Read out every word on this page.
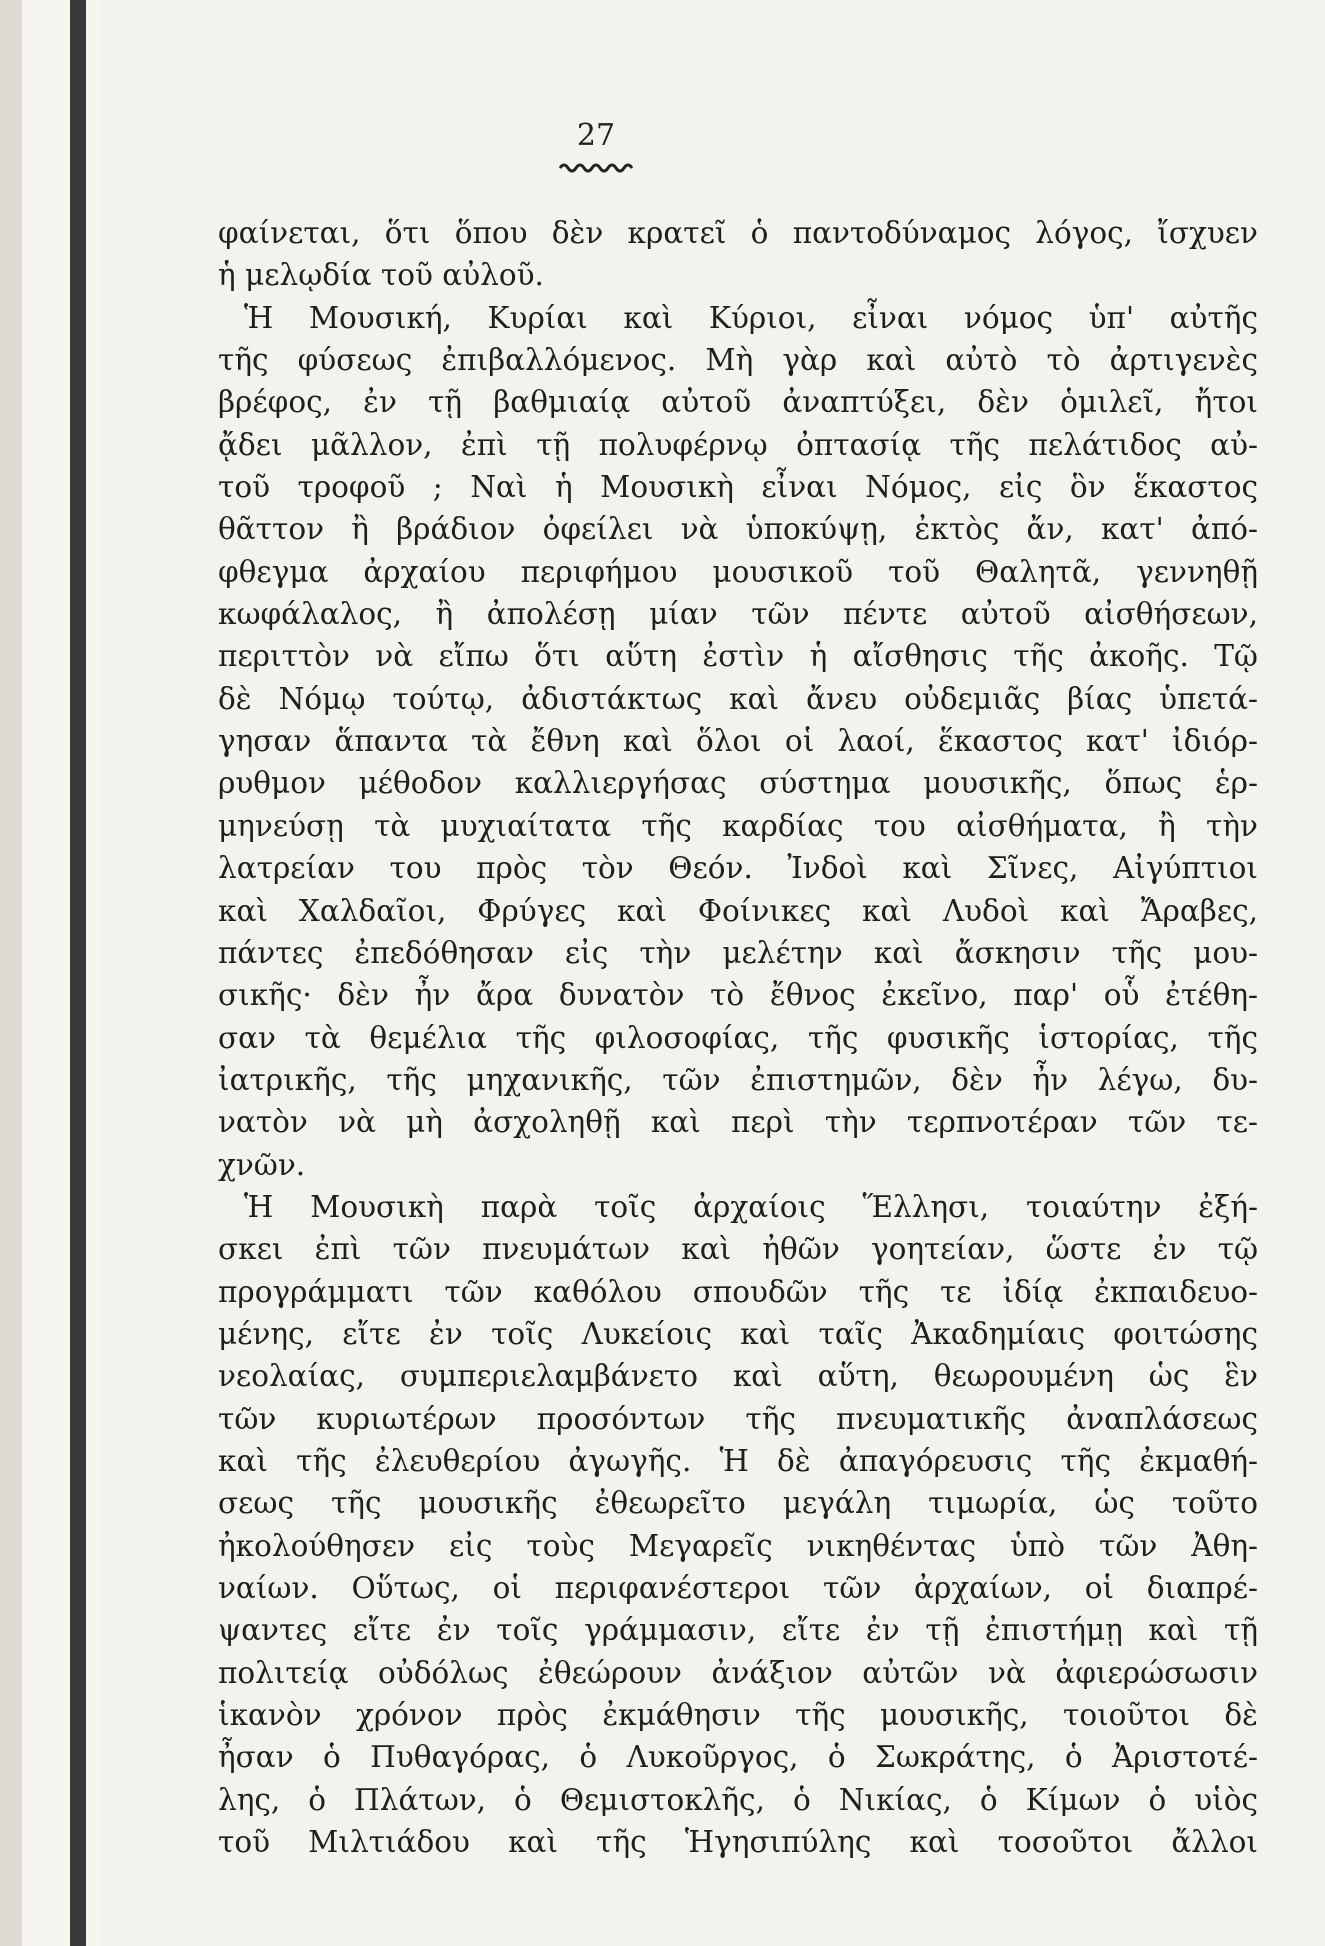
27

φαίνεται, ὅτι ὅπου δὲν κρατεῖ ὁ παντοδύναμος λόγος, ἴσχυεν
ἡ μελῳδία τοῦ αὐλοῦ.
Ἡ Μουσική, Κυρίαι καὶ Κύριοι, εἶναι νόμος ὑπ' αὐτῆς
τῆς φύσεως ἐπιβαλλόμενος. Μὴ γὰρ καὶ αὐτὸ τὸ ἀρτιγενὲς
βρέφος, ἐν τῇ βαθμιαίᾳ αὐτοῦ ἀναπτύξει, δὲν ὁμιλεῖ, ἤτοι
ᾄδει μᾶλλον, ἐπὶ τῇ πολυφέρνῳ ὀπτασίᾳ τῆς πελάτιδος αὐ-
τοῦ τροφοῦ ; Ναὶ ἡ Μουσικὴ εἶναι Νόμος, εἰς ὃν ἕκαστος
θᾶττον ἢ βράδιον ὀφείλει νὰ ὑποκύψῃ, ἐκτὸς ἄν, κατ' ἀπό-
φθεγμα ἀρχαίου περιφήμου μουσικοῦ τοῦ Θαλητᾶ, γεννηθῇ
κωφάλαλος, ἢ ἀπολέσῃ μίαν τῶν πέντε αὐτοῦ αἰσθήσεων,
περιττὸν νὰ εἴπω ὅτι αὕτη ἐστὶν ἡ αἴσθησις τῆς ἀκοῆς. Τῷ
δὲ Νόμῳ τούτῳ, ἀδιστάκτως καὶ ἄνευ οὐδεμιᾶς βίας ὑπετά-
γησαν ἅπαντα τὰ ἔθνη καὶ ὅλοι οἱ λαοί, ἕκαστος κατ' ἰδιόρ-
ρυθμον μέθοδον καλλιεργήσας σύστημα μουσικῆς, ὅπως ἑρ-
μηνεύσῃ τὰ μυχιαίτατα τῆς καρδίας του αἰσθήματα, ἢ τὴν
λατρείαν του πρὸς τὸν Θεόν. Ἰνδοὶ καὶ Σῖνες, Αἰγύπτιοι
καὶ Χαλδαῖοι, Φρύγες καὶ Φοίνικες καὶ Λυδοὶ καὶ Ἄραβες,
πάντες ἐπεδόθησαν εἰς τὴν μελέτην καὶ ἄσκησιν τῆς μου-
σικῆς· δὲν ἦν ἄρα δυνατὸν τὸ ἔθνος ἐκεῖνο, παρ' οὗ ἐτέθη-
σαν τὰ θεμέλια τῆς φιλοσοφίας, τῆς φυσικῆς ἱστορίας, τῆς
ἰατρικῆς, τῆς μηχανικῆς, τῶν ἐπιστημῶν, δὲν ἦν λέγω, δυ-
νατὸν νὰ μὴ ἀσχοληθῇ καὶ περὶ τὴν τερπνοτέραν τῶν τε-
χνῶν.
Ἡ Μουσικὴ παρὰ τοῖς ἀρχαίοις Ἕλλησι, τοιαύτην ἐξή-
σκει ἐπὶ τῶν πνευμάτων καὶ ἠθῶν γοητείαν, ὥστε ἐν τῷ
προγράμματι τῶν καθόλου σπουδῶν τῆς τε ἰδίᾳ ἐκπαιδευο-
μένης, εἴτε ἐν τοῖς Λυκείοις καὶ ταῖς Ἀκαδημίαις φοιτώσης
νεολαίας, συμπεριελαμβάνετο καὶ αὕτη, θεωρουμένη ὡς ἓν
τῶν κυριωτέρων προσόντων τῆς πνευματικῆς ἀναπλάσεως
καὶ τῆς ἐλευθερίου ἀγωγῆς. Ἡ δὲ ἀπαγόρευσις τῆς ἐκμαθή-
σεως τῆς μουσικῆς ἐθεωρεῖτο μεγάλη τιμωρία, ὡς τοῦτο
ἠκολούθησεν εἰς τοὺς Μεγαρεῖς νικηθέντας ὑπὸ τῶν Ἀθη-
ναίων. Οὕτως, οἱ περιφανέστεροι τῶν ἀρχαίων, οἱ διαπρέ-
ψαντες εἴτε ἐν τοῖς γράμμασιν, εἴτε ἐν τῇ ἐπιστήμῃ καὶ τῇ
πολιτείᾳ οὐδόλως ἐθεώρουν ἀνάξιον αὐτῶν νὰ ἀφιερώσωσιν
ἱκανὸν χρόνον πρὸς ἐκμάθησιν τῆς μουσικῆς, τοιοῦτοι δὲ
ἦσαν ὁ Πυθαγόρας, ὁ Λυκοῦργος, ὁ Σωκράτης, ὁ Ἀριστοτέ-
λης, ὁ Πλάτων, ὁ Θεμιστοκλῆς, ὁ Νικίας, ὁ Κίμων ὁ υἱὸς
τοῦ Μιλτιάδου καὶ τῆς Ἡγησιπύλης καὶ τοσοῦτοι ἄλλοι
